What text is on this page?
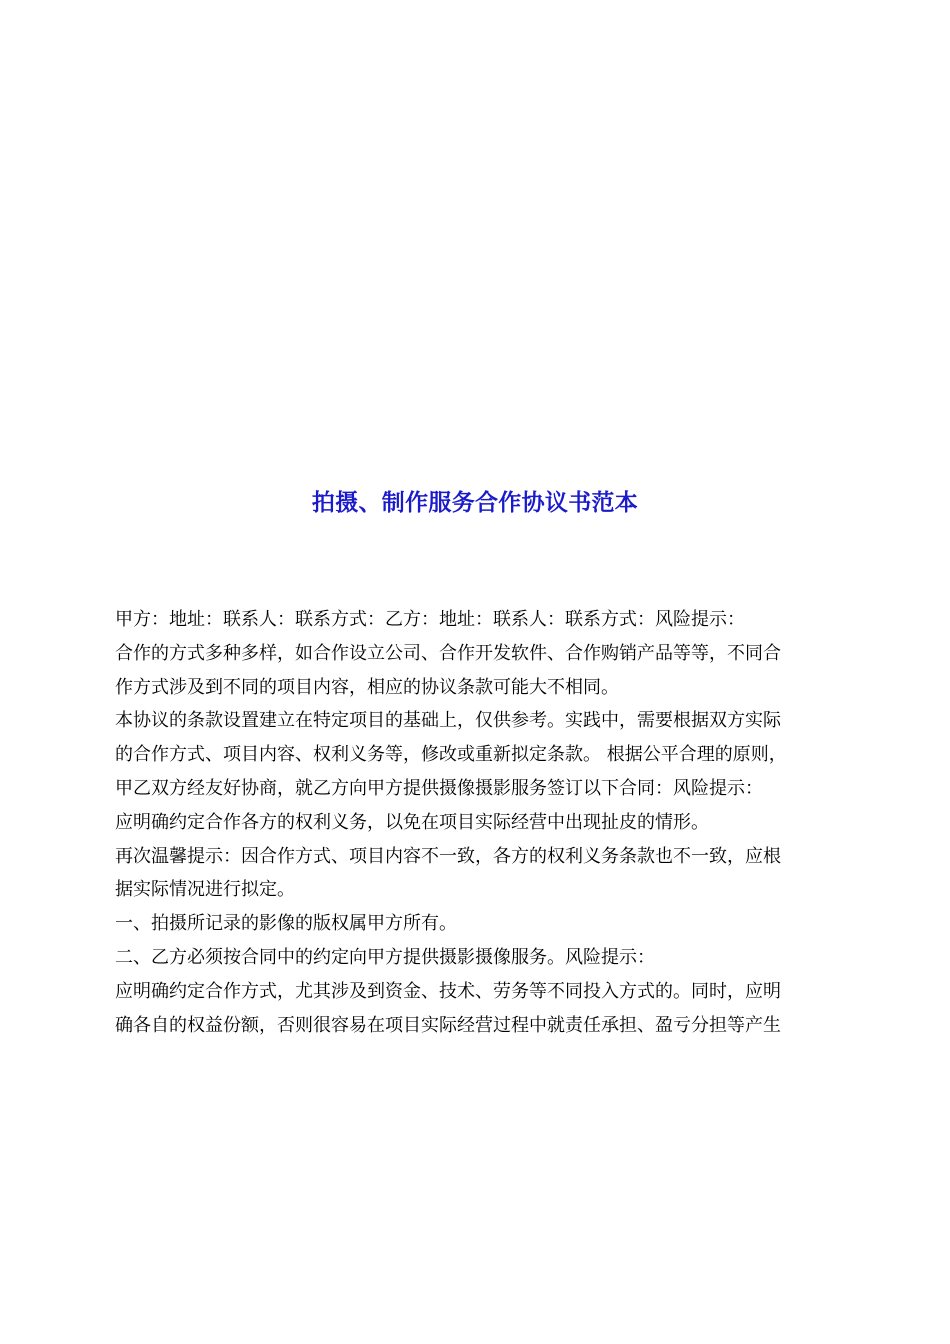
拍摄、制作服务合作协议书范本

甲方：地址：联系人：联系方式：乙方：地址：联系人：联系方式：风险提示：

合作的方式多种多样，如合作设立公司、合作开发软件、合作购销产品等等，不同合
作方式涉及到不同的项目内容，相应的协议条款可能大不相同。

本协议的条款设置建立在特定项目的基础上，仅供参考。实践中，需要根据双方实际
的合作方式、项目内容、权利义务等，修改或重新拟定条款。 根据公平合理的原则，
甲乙双方经友好协商，就乙方向甲方提供摄像摄影服务签订以下合同：风险提示：

应明确约定合作各方的权利义务，以免在项目实际经营中出现扯皮的情形。

再次温馨提示：因合作方式、项目内容不一致，各方的权利义务条款也不一致，应根
据实际情况进行拟定。

一、拍摄所记录的影像的版权属甲方所有。

二、乙方必须按合同中的约定向甲方提供摄影摄像服务。风险提示：

应明确约定合作方式，尤其涉及到资金、技术、劳务等不同投入方式的。同时，应明
确各自的权益份额，否则很容易在项目实际经营过程中就责任承担、盈亏分担等产生
